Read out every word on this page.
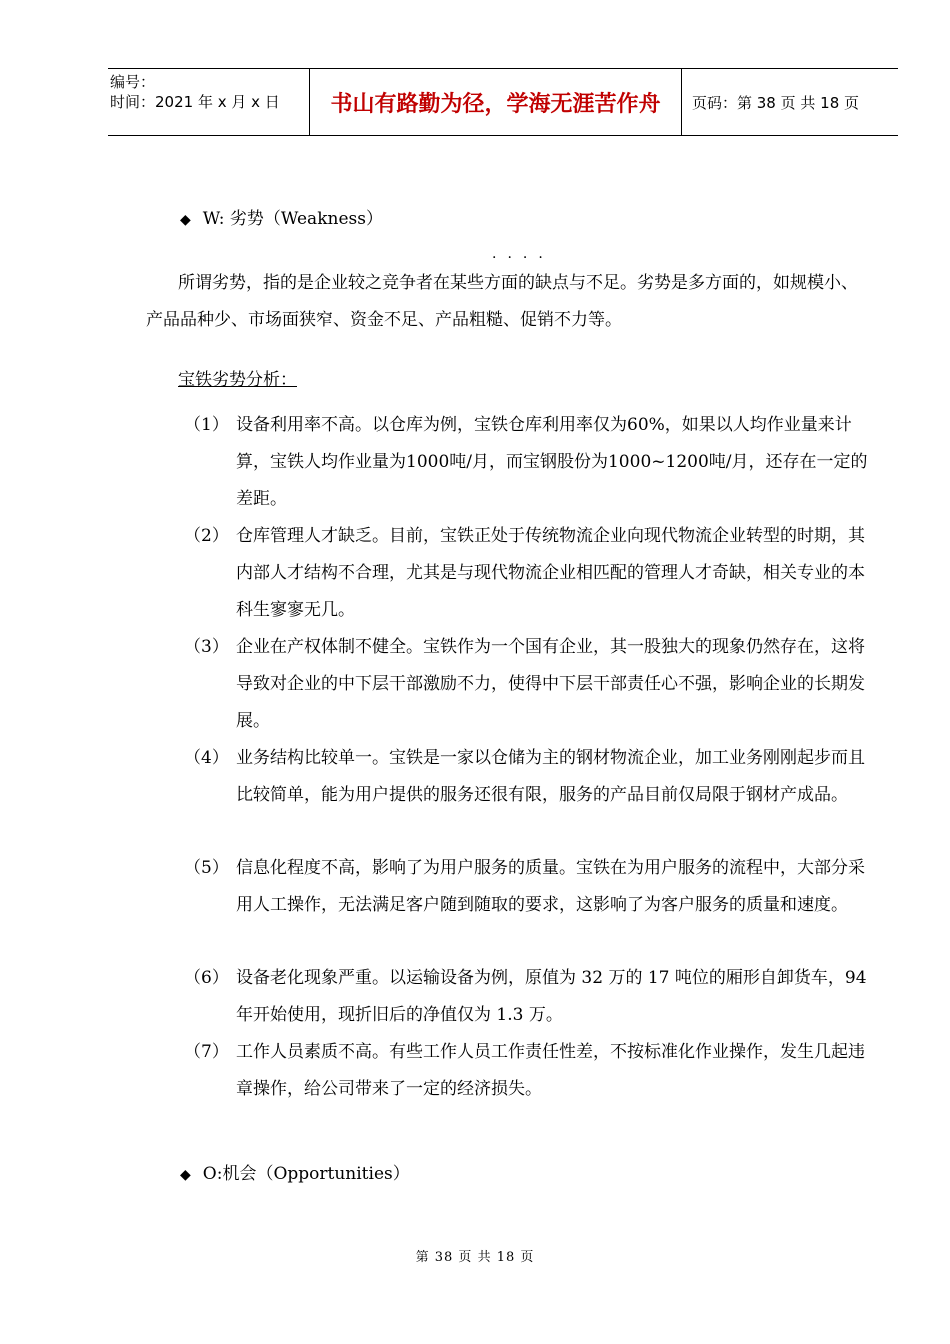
编号：
时间：2021 年 x 月 x 日	书山有路勤为径，学海无涯苦作舟	页码：第 38 页 共 18 页
◆ W: 劣势（Weakness）
····
所谓劣势，指的是企业较之竞争者在某些方面的缺点与不足。劣势是多方面的，如规模小、产品品种少、市场面狭窄、资金不足、产品粗糙、促销不力等。
宝铁劣势分析：
（1） 设备利用率不高。以仓库为例，宝铁仓库利用率仅为60%，如果以人均作业量来计算，宝铁人均作业量为1000吨/月，而宝钢股份为1000~1200吨/月，还存在一定的差距。
（2） 仓库管理人才缺乏。目前，宝铁正处于传统物流企业向现代物流企业转型的时期，其内部人才结构不合理，尤其是与现代物流企业相匹配的管理人才奇缺，相关专业的本科生寥寥无几。
（3） 企业在产权体制不健全。宝铁作为一个国有企业，其一股独大的现象仍然存在，这将导致对企业的中下层干部激励不力，使得中下层干部责任心不强，影响企业的长期发展。
（4） 业务结构比较单一。宝铁是一家以仓储为主的钢材物流企业，加工业务刚刚起步而且比较简单，能为用户提供的服务还很有限，服务的产品目前仅局限于钢材产成品。
（5） 信息化程度不高，影响了为用户服务的质量。宝铁在为用户服务的流程中，大部分采用人工操作，无法满足客户随到随取的要求，这影响了为客户服务的质量和速度。
（6） 设备老化现象严重。以运输设备为例，原值为 32 万的 17 吨位的厢形自卸货车，94 年开始使用，现折旧后的净值仅为 1.3 万。
（7） 工作人员素质不高。有些工作人员工作责任性差，不按标准化作业操作，发生几起违章操作，给公司带来了一定的经济损失。
◆ O:机会（Opportunities）
第 38 页 共 18 页
